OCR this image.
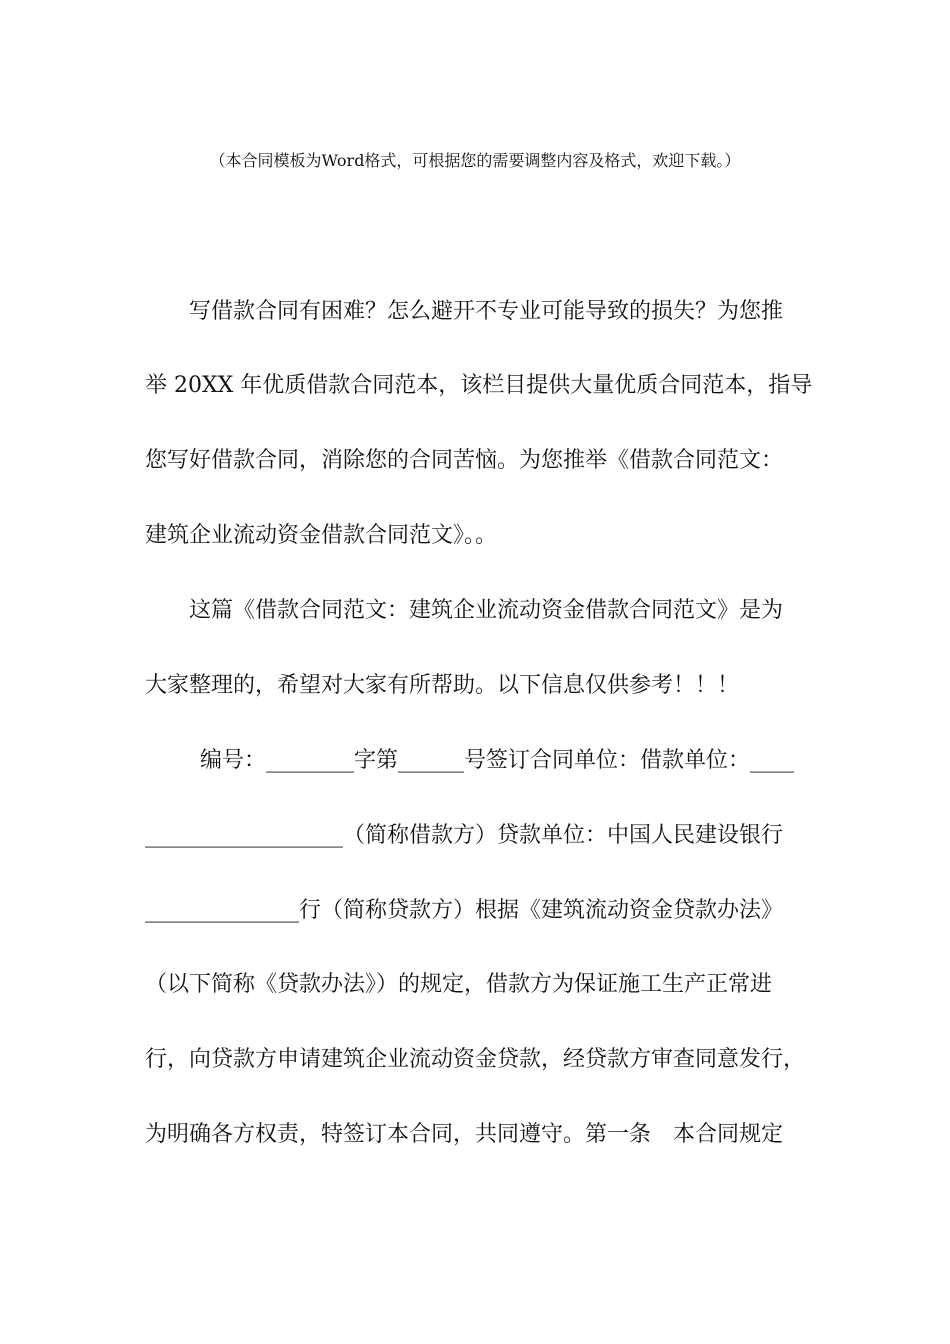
（本合同模板为Word格式，可根据您的需要调整内容及格式，欢迎下载。）
写借款合同有困难？怎么避开不专业可能导致的损失？为您推
举 20XX 年优质借款合同范本，该栏目提供大量优质合同范本，指导
您写好借款合同，消除您的合同苦恼。为您推举《借款合同范文：
建筑企业流动资金借款合同范文》。。
这篇《借款合同范文：建筑企业流动资金借款合同范文》是为
大家整理的，希望对大家有所帮助。以下信息仅供参考！！！
编号：________字第______号签订合同单位：借款单位：____
__________________（简称借款方）贷款单位：中国人民建设银行
______________行（简称贷款方）根据《建筑流动资金贷款办法》
（以下简称《贷款办法》）的规定，借款方为保证施工生产正常进
行，向贷款方申请建筑企业流动资金贷款，经贷款方审查同意发行，
为明确各方权责，特签订本合同，共同遵守。第一条　本合同规定
